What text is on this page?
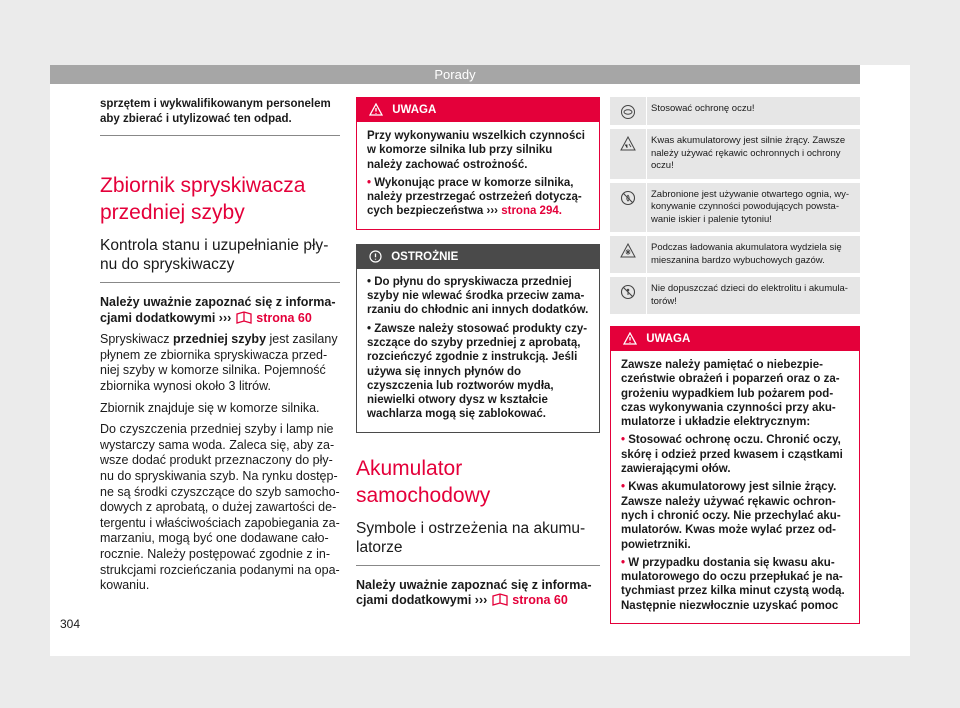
Porady
sprzętem i wykwalifikowanym personelem aby zbierać i utylizować ten odpad.
Zbiornik spryskiwacza przedniej szyby
Kontrola stanu i uzupełnianie płynu do spryskiwaczy

Należy uważnie zapoznać się z informacjami dodatkowymi ››› strona 60

Spryskiwacz przedniej szyby jest zasilany płynem ze zbiornika spryskiwacza przedniej szyby w komorze silnika. Pojemność zbiornika wynosi około 3 litrów.

Zbiornik znajduje się w komorze silnika.

Do czyszczenia przedniej szyby i lamp nie wystarczy sama woda. Zaleca się, aby zawsze dodać produkt przeznaczony do płynu do spryskiwania szyb. Na rynku dostępne są środki czyszczące do szyb samochodowych z aprobatą, o dużej zawartości detergentu i właściwościach zapobiegania zamarzaniu, mogą być one dodawane całorocznie. Należy postępować zgodnie z instrukcjami rozcieńczania podanymi na opakowaniu.

UWAGA

Przy wykonywaniu wszelkich czynności w komorze silnika lub przy silniku należy zachować ostrożność.

• Wykonując prace w komorze silnika, należy przestrzegać ostrzeżeń dotyczących bezpieczeństwa ››› strona 294.

OSTROŻNIE

• Do płynu do spryskiwacza przedniej szyby nie wlewać środka przeciw zamarzaniu do chłodnic ani innych dodatków.

• Zawsze należy stosować produkty czyszczące do szyby przedniej z aprobatą, rozcieńczyć zgodnie z instrukcją. Jeśli używa się innych płynów do czyszczenia lub roztworów mydła, niewielki otwory dysz w kształcie wachlarza mogą się zablokować.

Akumulator samochodowy
Symbole i ostrzeżenia na akumulatorze

Należy uważnie zapoznać się z informacjami dodatkowymi ››› strona 60

Stosować ochronę oczu!
Kwas akumulatorowy jest silnie żrący. Zawsze należy używać rękawic ochronnych i ochrony oczu!
Zabronione jest używanie otwartego ognia, wykonywanie czynności powodujących powstawanie iskier i palenie tytoniu!
Podczas ładowania akumulatora wydziela się mieszanina bardzo wybuchowych gazów.
Nie dopuszczać dzieci do elektrolitu i akumulatorów!
UWAGA

Zawsze należy pamiętać o niebezpieczeństwie obrażeń i poparzeń oraz o zagrożeniu wypadkiem lub pożarem podczas wykonywania czynności przy akumulatorze i układzie elektrycznym:

• Stosować ochronę oczu. Chronić oczy, skórę i odzież przed kwasem i cząstkami zawierającymi ołów.

• Kwas akumulatorowy jest silnie żrący. Zawsze należy używać rękawic ochronnych i chronić oczy. Nie przechylać akumulatorów. Kwas może wylać przez odpowietrzniki.

• W przypadku dostania się kwasu akumulatorowego do oczu przepłukać je natychmiast przez kilka minut czystą wodą. Następnie niezwłocznie uzyskać pomoc

304
